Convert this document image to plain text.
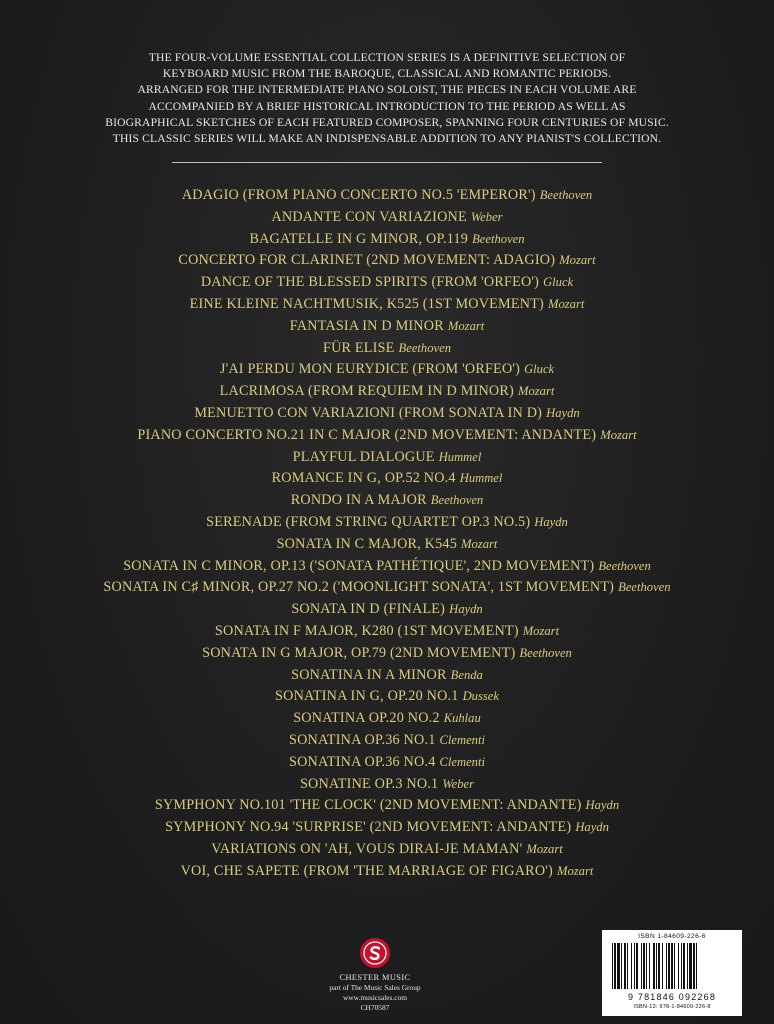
THE FOUR-VOLUME ESSENTIAL COLLECTION SERIES IS A DEFINITIVE SELECTION OF
KEYBOARD MUSIC FROM THE BAROQUE, CLASSICAL AND ROMANTIC PERIODS.
ARRANGED FOR THE INTERMEDIATE PIANO SOLOIST, THE PIECES IN EACH VOLUME ARE
ACCOMPANIED BY A BRIEF HISTORICAL INTRODUCTION TO THE PERIOD AS WELL AS
BIOGRAPHICAL SKETCHES OF EACH FEATURED COMPOSER, SPANNING FOUR CENTURIES OF MUSIC.
THIS CLASSIC SERIES WILL MAKE AN INDISPENSABLE ADDITION TO ANY PIANIST'S COLLECTION.
ADAGIO (FROM PIANO CONCERTO NO.5 'EMPEROR') Beethoven
ANDANTE CON VARIAZIONE Weber
BAGATELLE IN G MINOR, OP.119 Beethoven
CONCERTO FOR CLARINET (2ND MOVEMENT: ADAGIO) Mozart
DANCE OF THE BLESSED SPIRITS (FROM 'ORFEO') Gluck
EINE KLEINE NACHTMUSIK, K525 (1ST MOVEMENT) Mozart
FANTASIA IN D MINOR Mozart
FÜR ELISE Beethoven
J'AI PERDU MON EURYDICE (FROM 'ORFEO') Gluck
LACRIMOSA (FROM REQUIEM IN D MINOR) Mozart
MENUETTO CON VARIAZIONI (FROM SONATA IN D) Haydn
PIANO CONCERTO NO.21 IN C MAJOR (2ND MOVEMENT: ANDANTE) Mozart
PLAYFUL DIALOGUE Hummel
ROMANCE IN G, OP.52 NO.4 Hummel
RONDO IN A MAJOR Beethoven
SERENADE (FROM STRING QUARTET OP.3 NO.5) Haydn
SONATA IN C MAJOR, K545 Mozart
SONATA IN C MINOR, OP.13 ('SONATA PATHÉTIQUE', 2ND MOVEMENT) Beethoven
SONATA IN C♯ MINOR, OP.27 NO.2 ('MOONLIGHT SONATA', 1ST MOVEMENT) Beethoven
SONATA IN D (FINALE) Haydn
SONATA IN F MAJOR, K280 (1ST MOVEMENT) Mozart
SONATA IN G MAJOR, OP.79 (2ND MOVEMENT) Beethoven
SONATINA IN A MINOR Benda
SONATINA IN G, OP.20 NO.1 Dussek
SONATINA OP.20 NO.2 Kuhlau
SONATINA OP.36 NO.1 Clementi
SONATINA OP.36 NO.4 Clementi
SONATINE OP.3 NO.1 Weber
SYMPHONY NO.101 'THE CLOCK' (2ND MOVEMENT: ANDANTE) Haydn
SYMPHONY NO.94 'SURPRISE' (2ND MOVEMENT: ANDANTE) Haydn
VARIATIONS ON 'AH, VOUS DIRAI-JE MAMAN' Mozart
VOI, CHE SAPETE (FROM 'THE MARRIAGE OF FIGARO') Mozart
CHESTER MUSIC
part of The Music Sales Group
www.musicsales.com
CH70587
ISBN 1-84609-226-6
9 781846 092268
ISBN-13: 978-1-84609-226-8
